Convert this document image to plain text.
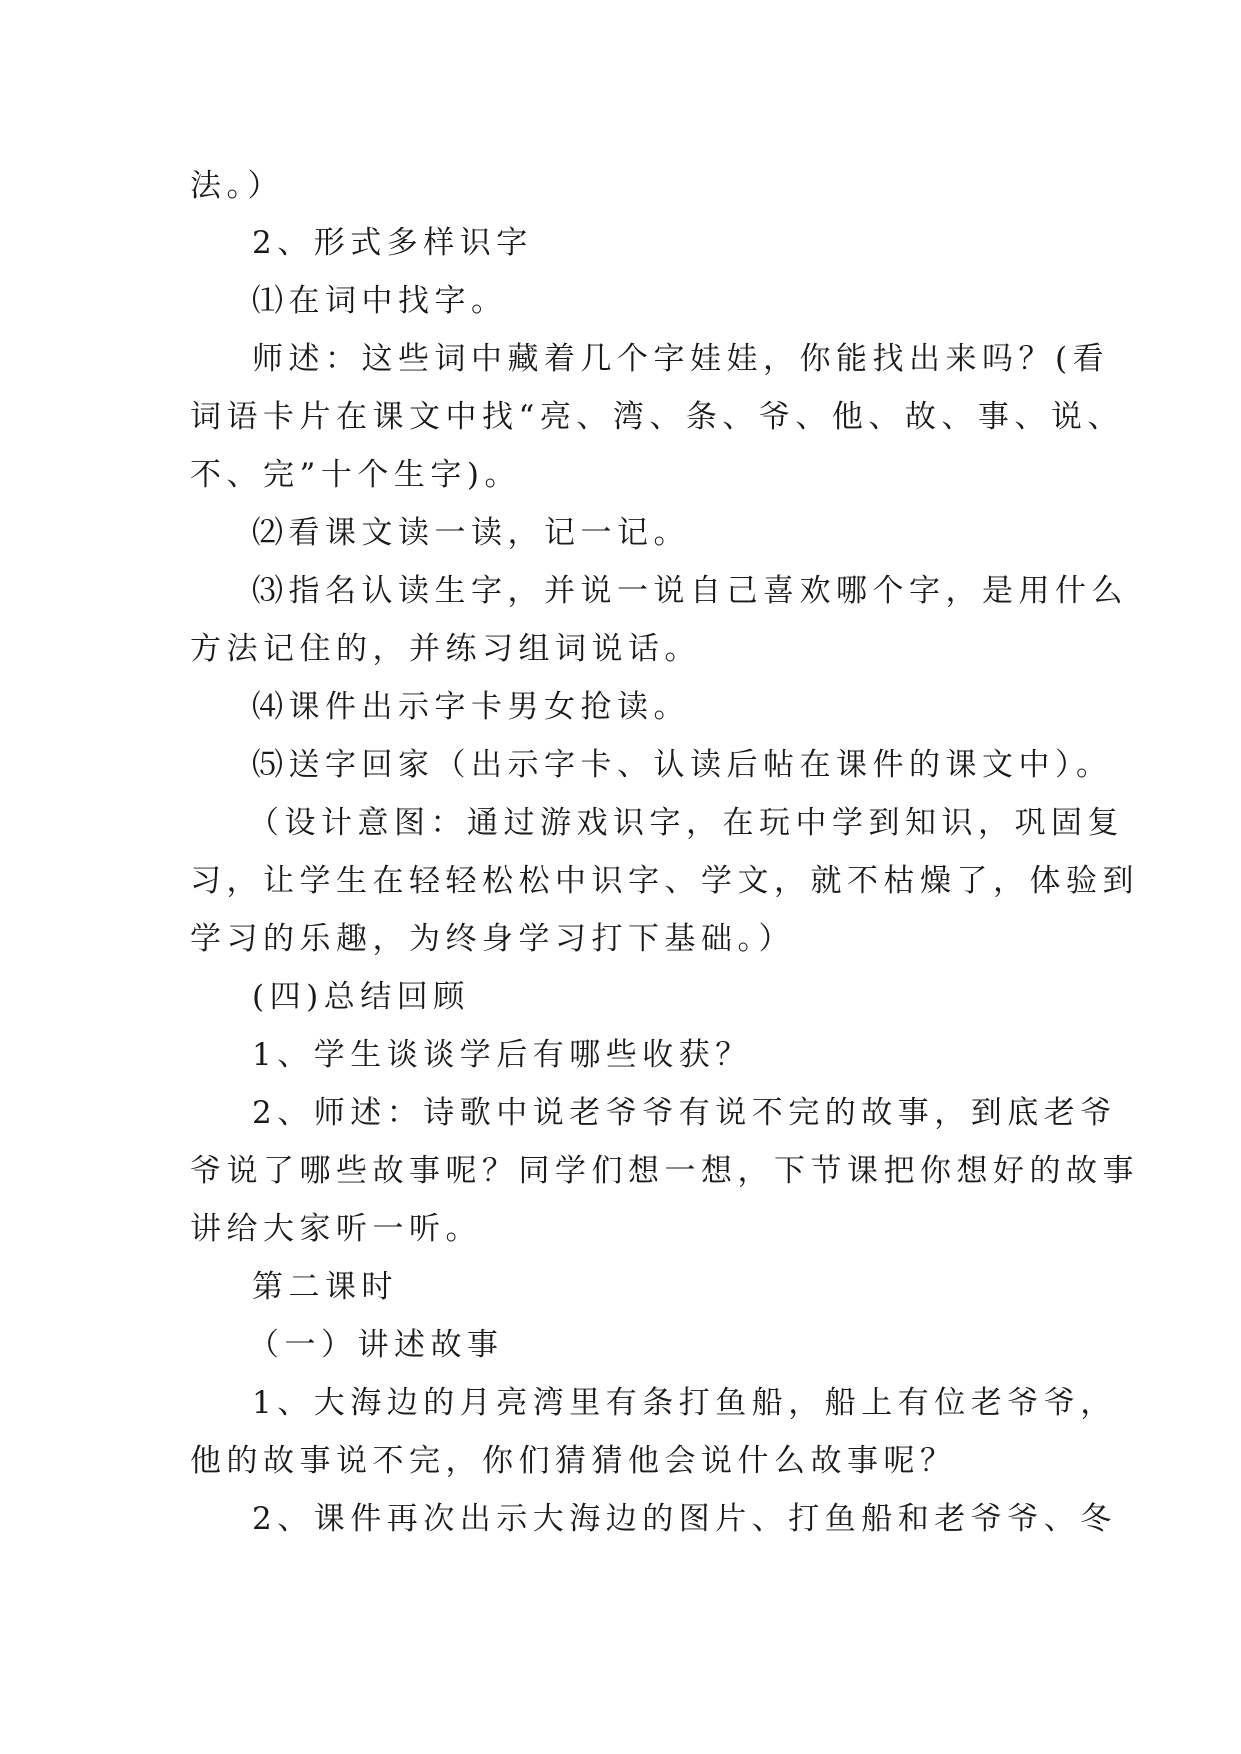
法。）
2、形式多样识字
⑴在词中找字。
师述：这些词中藏着几个字娃娃，你能找出来吗？(看
词语卡片在课文中找“亮、湾、条、爷、他、故、事、说、
不、完”十个生字)。
⑵看课文读一读，记一记。
⑶指名认读生字，并说一说自己喜欢哪个字，是用什么
方法记住的，并练习组词说话。
⑷课件出示字卡男女抢读。
⑸送字回家（出示字卡、认读后帖在课件的课文中）。
（设计意图：通过游戏识字，在玩中学到知识，巩固复
习，让学生在轻轻松松中识字、学文，就不枯燥了，体验到
学习的乐趣，为终身学习打下基础。）
(四)总结回顾
1、学生谈谈学后有哪些收获？
2、师述：诗歌中说老爷爷有说不完的故事，到底老爷
爷说了哪些故事呢？同学们想一想，下节课把你想好的故事
讲给大家听一听。
第二课时
（一）讲述故事
1、大海边的月亮湾里有条打鱼船，船上有位老爷爷，
他的故事说不完，你们猜猜他会说什么故事呢？
2、课件再次出示大海边的图片、打鱼船和老爷爷、冬
